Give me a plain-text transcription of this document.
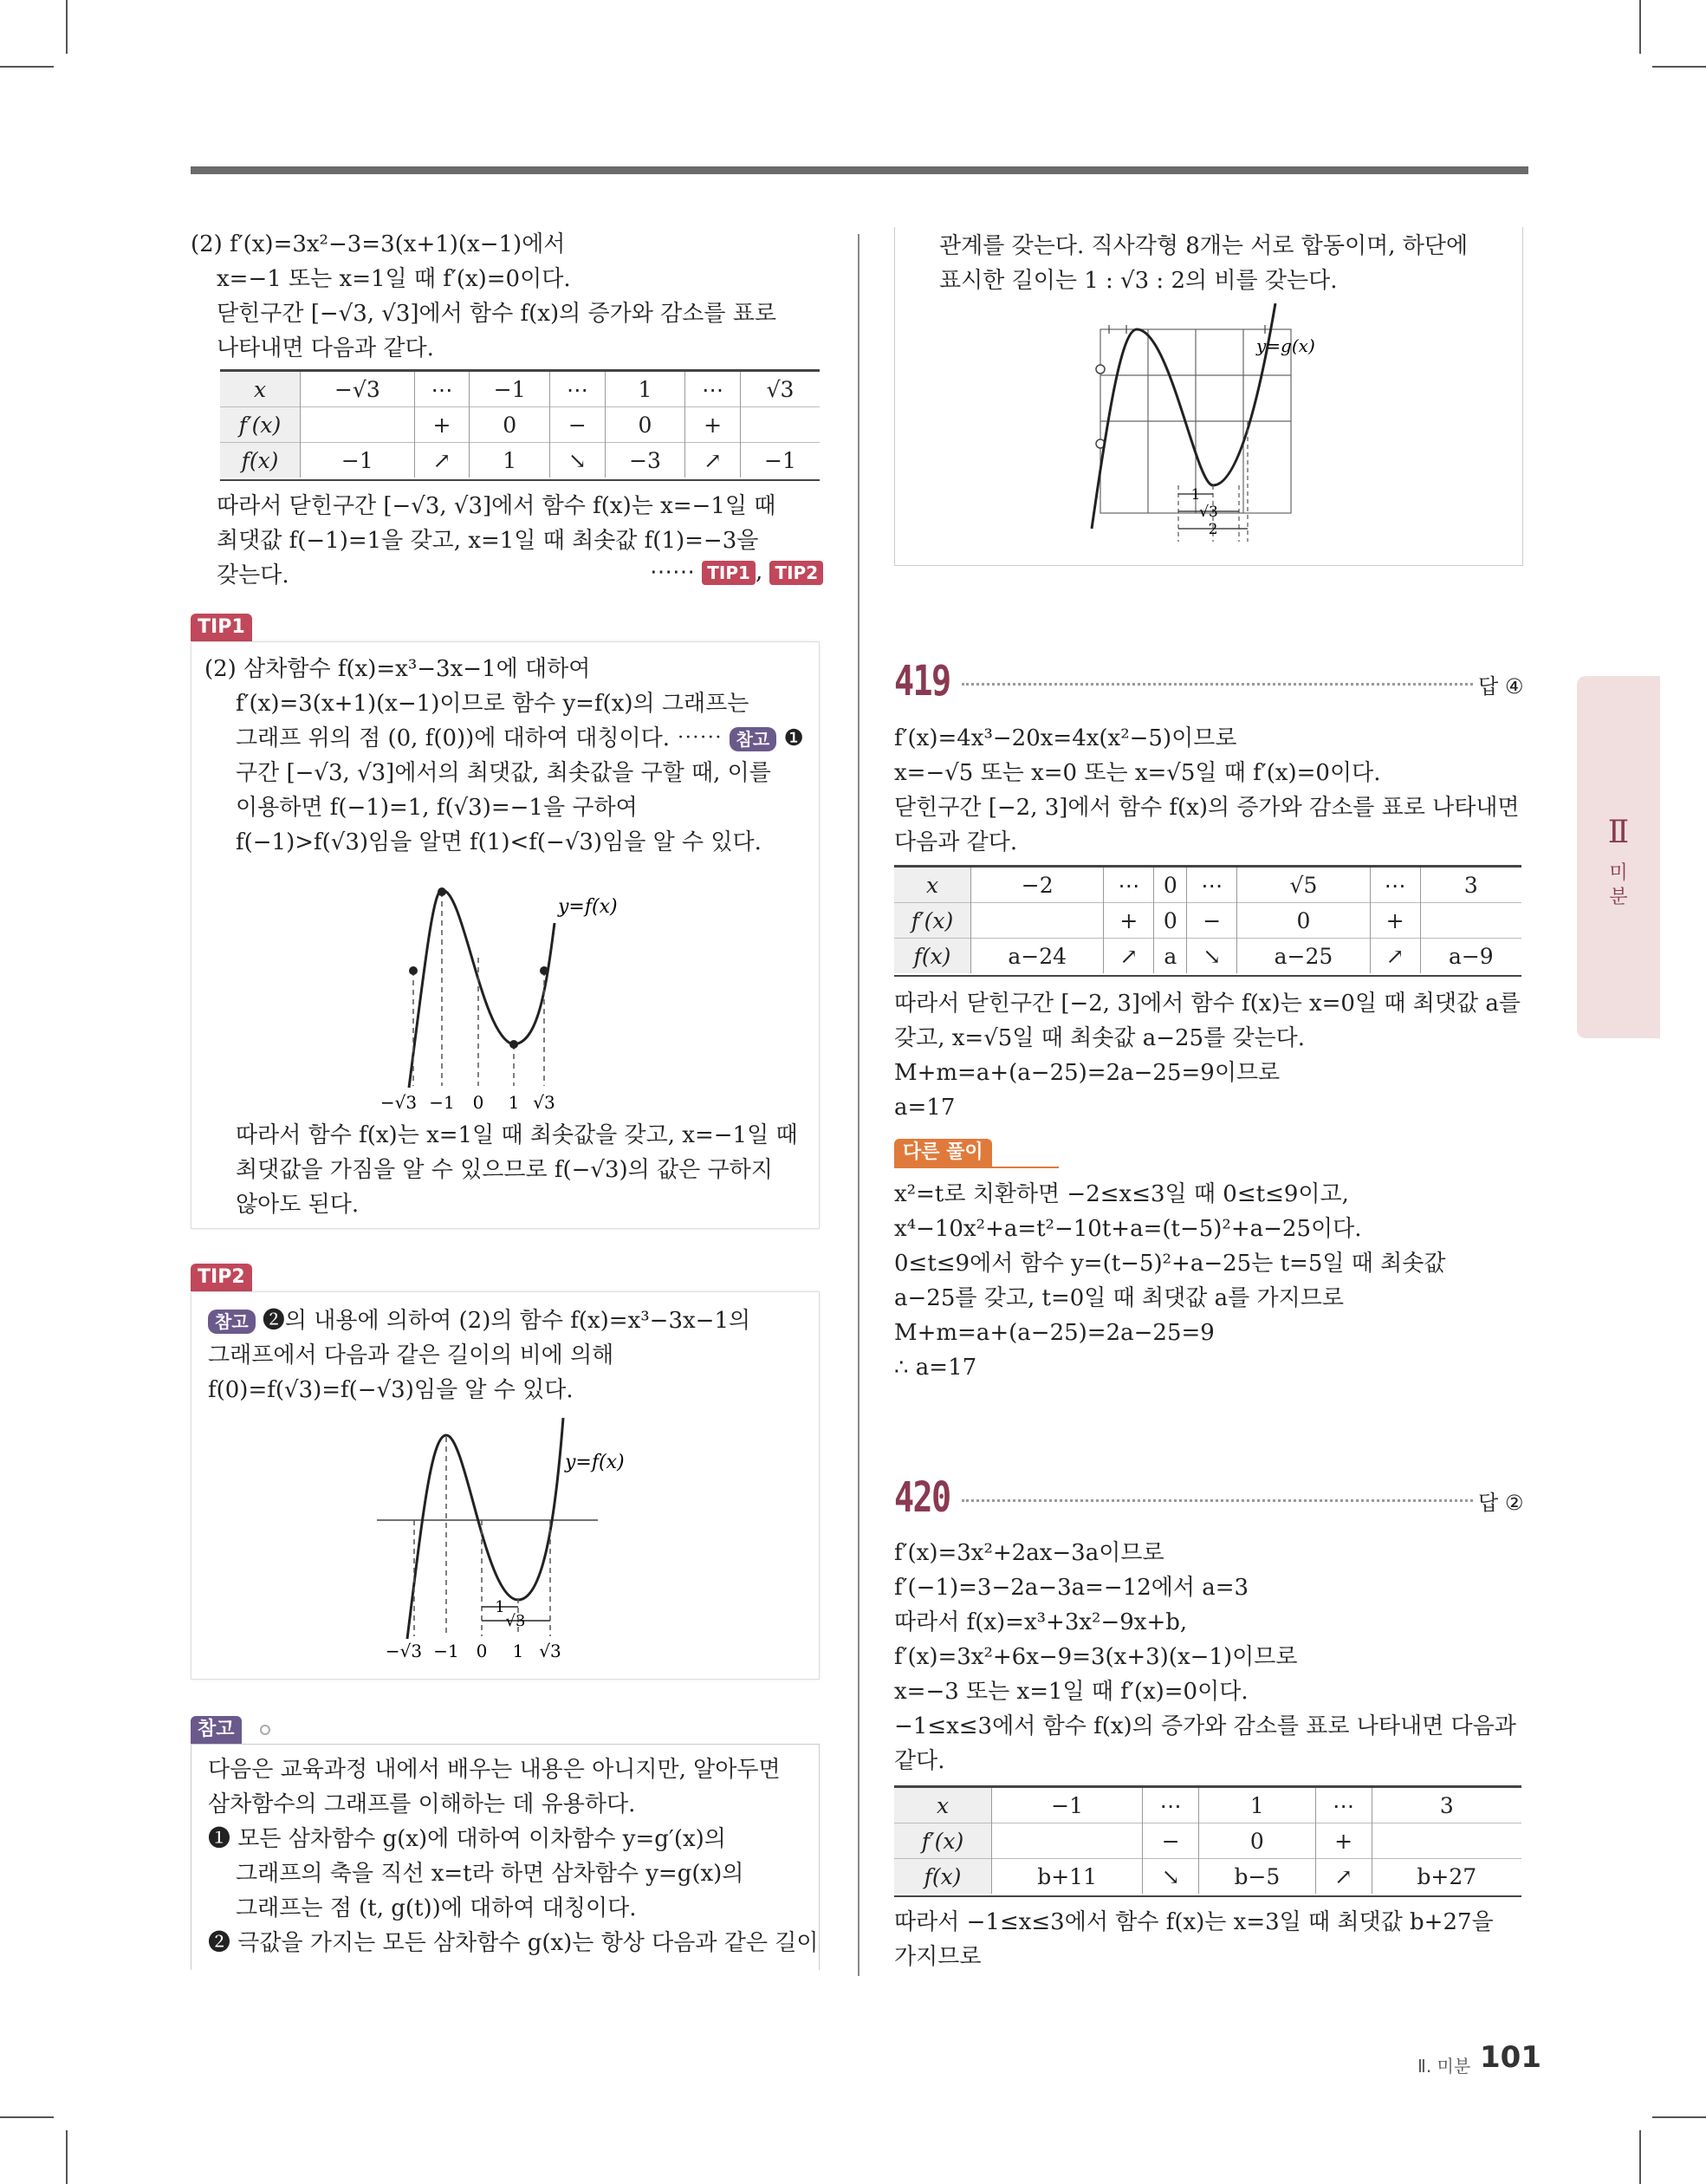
(2) f′(x)=3x²−3=3(x+1)(x−1)에서
x=−1 또는 x=1일 때 f′(x)=0이다.
닫힌구간 [−√3, √3]에서 함수 f(x)의 증가와 감소를 표로
나타내면 다음과 같다.
x	−√3	⋯	−1	⋯	1	⋯	√3
f′(x)		+	0	−	0	+	
f(x)	−1	↗	1	↘	−3	↗	−1
따라서 닫힌구간 [−√3, √3]에서 함수 f(x)는 x=−1일 때
최댓값 f(−1)=1을 갖고, x=1일 때 최솟값 f(1)=−3을
갖는다.	⋯⋯ TIP1 , TIP2
TIP1
(2) 삼차함수 f(x)=x³−3x−1에 대하여
f′(x)=3(x+1)(x−1)이므로 함수 y=f(x)의 그래프는
그래프 위의 점 (0, f(0))에 대하여 대칭이다. ⋯⋯ 참고 ❶
구간 [−√3, √3]에서의 최댓값, 최솟값을 구할 때, 이를
이용하면 f(−1)=1, f(√3)=−1을 구하여
f(−1)>f(√3)임을 알면 f(1)<f(−√3)임을 알 수 있다.
y=f(x)
−√3 −1 0 1 √3
따라서 함수 f(x)는 x=1일 때 최솟값을 갖고, x=−1일 때
최댓값을 가짐을 알 수 있으므로 f(−√3)의 값은 구하지
않아도 된다.
TIP2
참고 ❷의 내용에 의하여 (2)의 함수 f(x)=x³−3x−1의
그래프에서 다음과 같은 길이의 비에 의해
f(0)=f(√3)=f(−√3)임을 알 수 있다.
1
√3
y=f(x)
−√3 −1 0 1 √3
참고
다음은 교육과정 내에서 배우는 내용은 아니지만, 알아두면
삼차함수의 그래프를 이해하는 데 유용하다.
❶ 모든 삼차함수 g(x)에 대하여 이차함수 y=g′(x)의
그래프의 축을 직선 x=t라 하면 삼차함수 y=g(x)의
그래프는 점 (t, g(t))에 대하여 대칭이다.
❷ 극값을 가지는 모든 삼차함수 g(x)는 항상 다음과 같은 길이
관계를 갖는다. 직사각형 8개는 서로 합동이며, 하단에
표시한 길이는 1 : √3 : 2의 비를 갖는다.
1
√3
2
y=g(x)
419	답 ④
f′(x)=4x³−20x=4x(x²−5)이므로
x=−√5 또는 x=0 또는 x=√5일 때 f′(x)=0이다.
닫힌구간 [−2, 3]에서 함수 f(x)의 증가와 감소를 표로 나타내면
다음과 같다.
x	−2	⋯	0	⋯	√5	⋯	3
f′(x)		+	0	−	0	+	
f(x)	a−24	↗	a	↘	a−25	↗	a−9
따라서 닫힌구간 [−2, 3]에서 함수 f(x)는 x=0일 때 최댓값 a를
갖고, x=√5일 때 최솟값 a−25를 갖는다.
M+m=a+(a−25)=2a−25=9이므로
a=17
다른 풀이
x²=t로 치환하면 −2≤x≤3일 때 0≤t≤9이고,
x⁴−10x²+a=t²−10t+a=(t−5)²+a−25이다.
0≤t≤9에서 함수 y=(t−5)²+a−25는 t=5일 때 최솟값
a−25를 갖고, t=0일 때 최댓값 a를 가지므로
M+m=a+(a−25)=2a−25=9
∴ a=17
420	답 ②
f′(x)=3x²+2ax−3a이므로
f′(−1)=3−2a−3a=−12에서 a=3
따라서 f(x)=x³+3x²−9x+b,
f′(x)=3x²+6x−9=3(x+3)(x−1)이므로
x=−3 또는 x=1일 때 f′(x)=0이다.
−1≤x≤3에서 함수 f(x)의 증가와 감소를 표로 나타내면 다음과
같다.
x	−1	⋯	1	⋯	3
f′(x)		−	0	+	
f(x)	b+11	↘	b−5	↗	b+27
따라서 −1≤x≤3에서 함수 f(x)는 x=3일 때 최댓값 b+27을
가지므로
Ⅱ
미
분
Ⅱ. 미분 101
